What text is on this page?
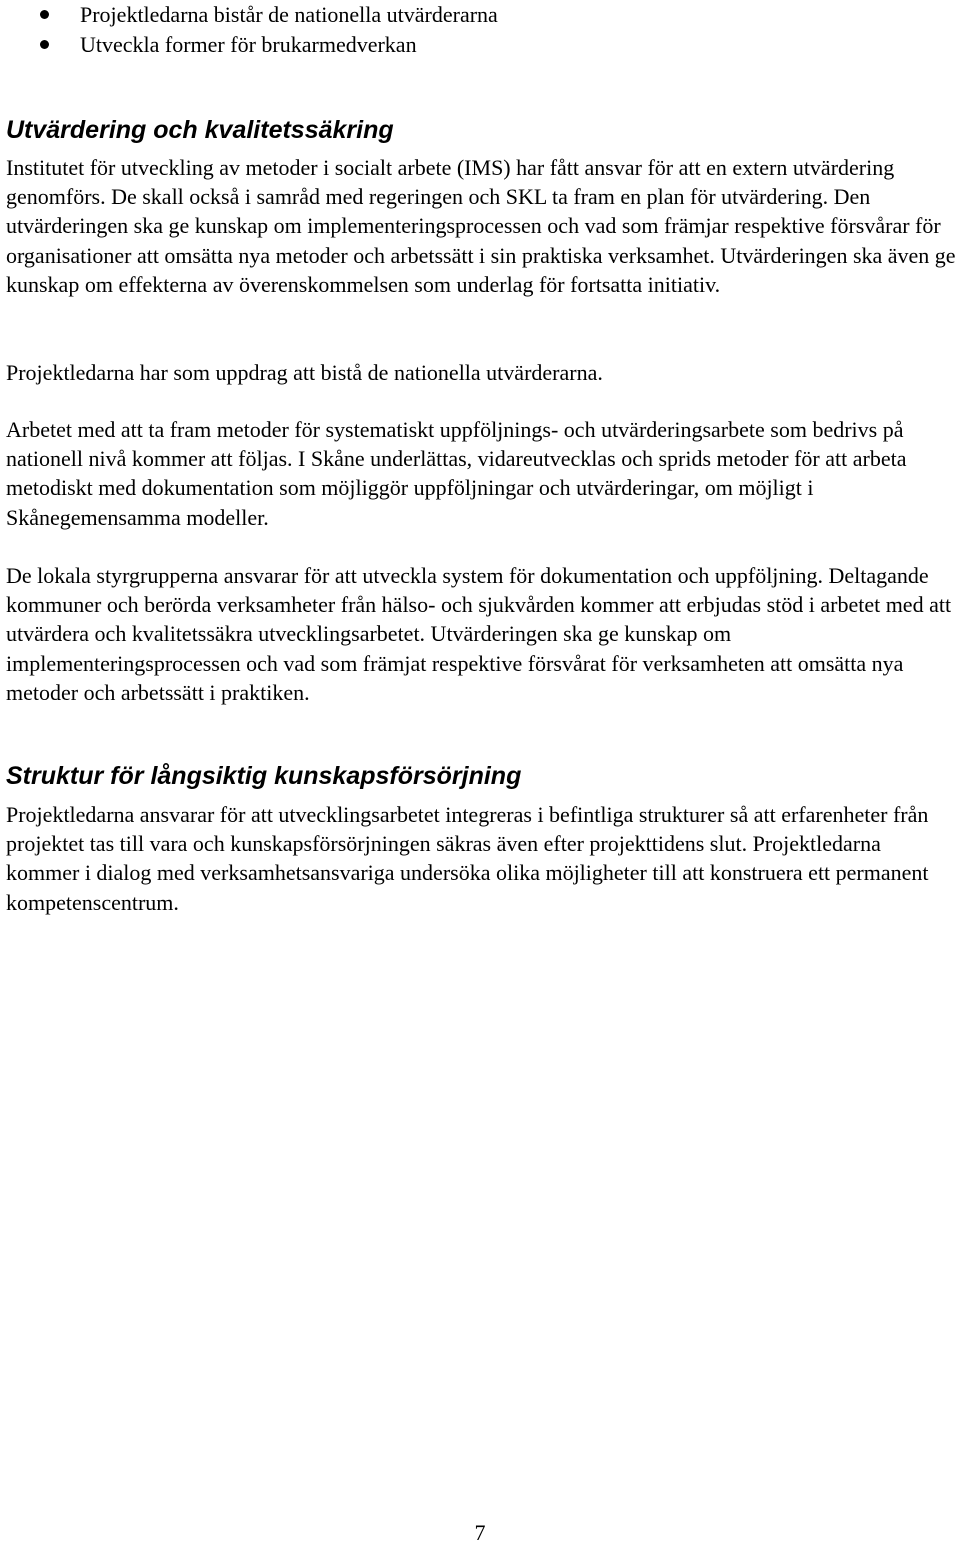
Projektledarna bistår de nationella utvärderarna
Utveckla former för brukarmedverkan
Utvärdering och kvalitetssäkring

Institutet för utveckling av metoder i socialt arbete (IMS) har fått ansvar för att en extern utvärdering genomförs. De skall också i samråd med regeringen och SKL ta fram en plan för utvärdering. Den utvärderingen ska ge kunskap om implementeringsprocessen och vad som främjar respektive försvårar för organisationer att omsätta nya metoder och arbetssätt i sin praktiska verksamhet. Utvärderingen ska även ge kunskap om effekterna av överenskommelsen som underlag för fortsatta initiativ.

Projektledarna har som uppdrag att bistå de nationella utvärderarna.

Arbetet med att ta fram metoder för systematiskt uppföljnings- och utvärderingsarbete som bedrivs på nationell nivå kommer att följas. I Skåne underlättas, vidareutvecklas och sprids metoder för att arbeta metodiskt med dokumentation som möjliggör uppföljningar och utvärderingar, om möjligt i Skånegemensamma modeller.

De lokala styrgrupperna ansvarar för att utveckla system för dokumentation och uppföljning. Deltagande kommuner och berörda verksamheter från hälso- och sjukvården kommer att erbjudas stöd i arbetet med att utvärdera och kvalitetssäkra utvecklingsarbetet. Utvärderingen ska ge kunskap om implementeringsprocessen och vad som främjat respektive försvårat för verksamheten att omsätta nya metoder och arbetssätt i praktiken.

Struktur för långsiktig kunskapsförsörjning

Projektledarna ansvarar för att utvecklingsarbetet integreras i befintliga strukturer så att erfarenheter från projektet tas till vara och kunskapsförsörjningen säkras även efter projekttidens slut. Projektledarna kommer i dialog med verksamhetsansvariga undersöka olika möjligheter till att konstruera ett permanent kompetenscentrum.

7
